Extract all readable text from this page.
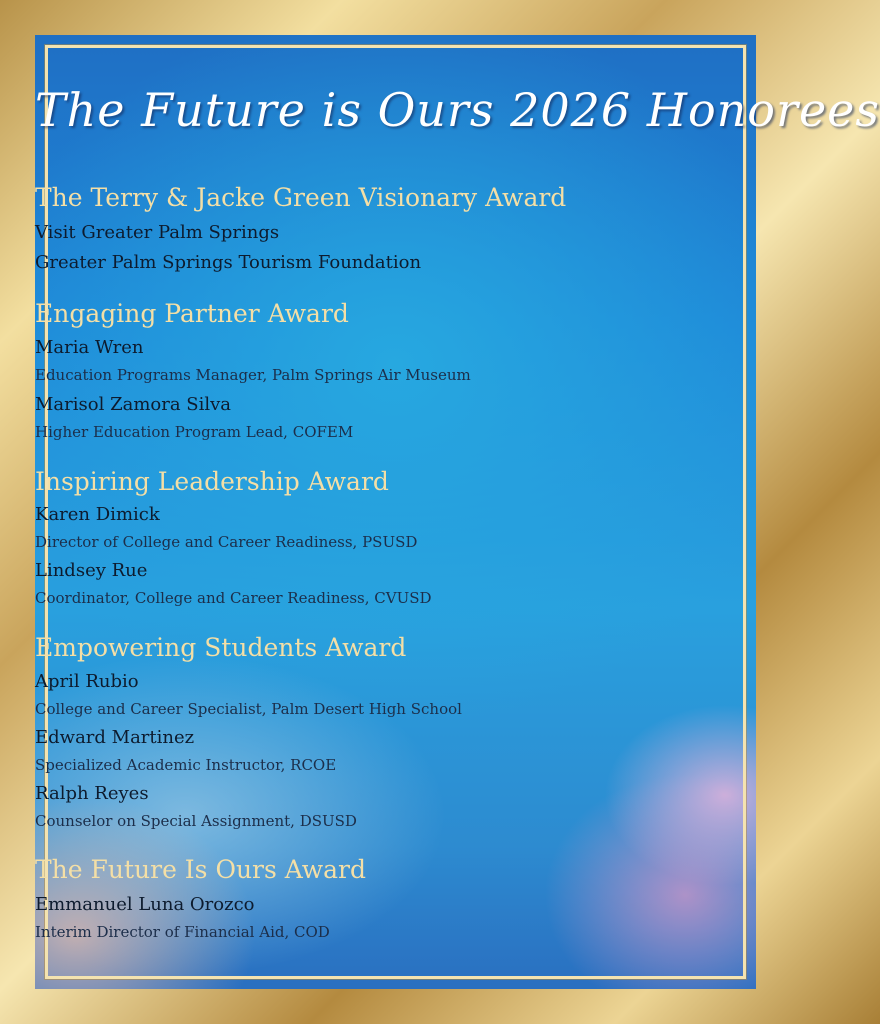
The Future is Ours 2026 Honorees
The Terry & Jacke Green Visionary Award
Visit Greater Palm Springs
Greater Palm Springs Tourism Foundation
Engaging Partner Award
Maria Wren
Education Programs Manager, Palm Springs Air Museum
Marisol Zamora Silva
Higher Education Program Lead, COFEM
Inspiring Leadership Award
Karen Dimick
Director of College and Career Readiness, PSUSD
Lindsey Rue
Coordinator, College and Career Readiness, CVUSD
Empowering Students Award
April Rubio
College and Career Specialist, Palm Desert High School
Edward Martinez
Specialized Academic Instructor, RCOE
Ralph Reyes
Counselor on Special Assignment, DSUSD
The Future Is Ours Award
Emmanuel Luna Orozco
Interim Director of Financial Aid, COD
